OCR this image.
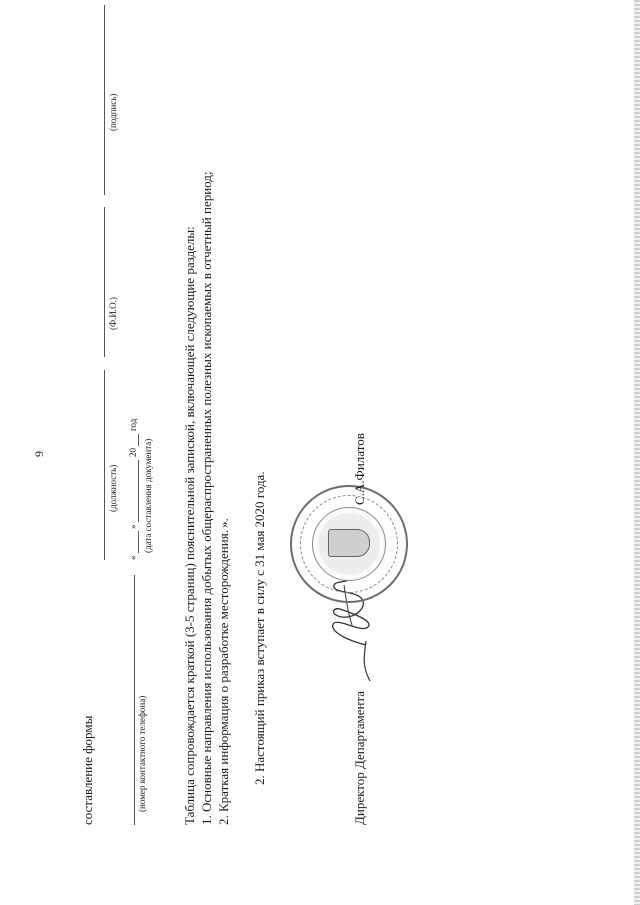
9
составление формы
(должность)
(Ф.И.О.)
(подпись)
(номер контактного телефона)
«
»
20
год
(дата составления документа) Таблица сопровождается краткой (3-5 страниц) пояснительной запиской, включающей следующие разделы: 1. Основные направления использования добытых общераспространенных полезных ископаемых в отчетный период; 2. Краткая информация о разработке месторождения.
». 2. Настоящий приказ вступает в силу с 31 мая 2020 года.	Директор Департамента
С.А.Филатов
